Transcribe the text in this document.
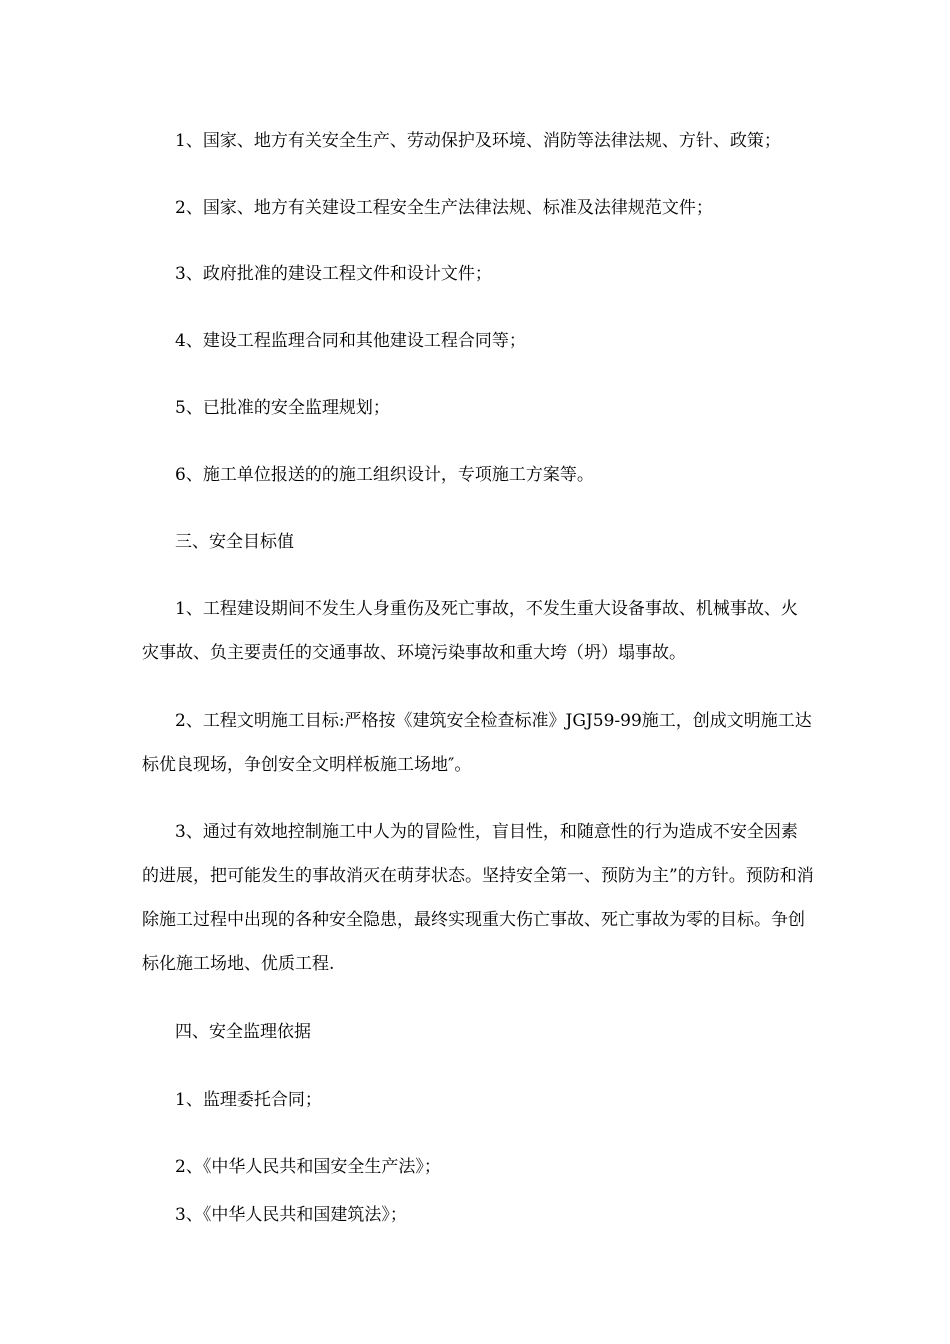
1、国家、地方有关安全生产、劳动保护及环境、消防等法律法规、方针、政策；

2、国家、地方有关建设工程安全生产法律法规、标准及法律规范文件；

3、政府批准的建设工程文件和设计文件；

4、建设工程监理合同和其他建设工程合同等；

5、已批准的安全监理规划；

6、施工单位报送的的施工组织设计，专项施工方案等。

三、安全目标值

1、工程建设期间不发生人身重伤及死亡事故，不发生重大设备事故、机械事故、火灾事故、负主要责任的交通事故、环境污染事故和重大垮（坍）塌事故。

2、工程文明施工目标:严格按《建筑安全检查标准》JGJ59-99施工，创成文明施工达标优良现场，争创安全文明样板施工场地″。

3、通过有效地控制施工中人为的冒险性，盲目性，和随意性的行为造成不安全因素的进展，把可能发生的事故消灭在萌芽状态。坚持安全第一、预防为主”的方针。预防和消除施工过程中出现的各种安全隐患，最终实现重大伤亡事故、死亡事故为零的目标。争创标化施工场地、优质工程.

四、安全监理依据

1、监理委托合同；

2、《中华人民共和国安全生产法》；

3、《中华人民共和国建筑法》；
